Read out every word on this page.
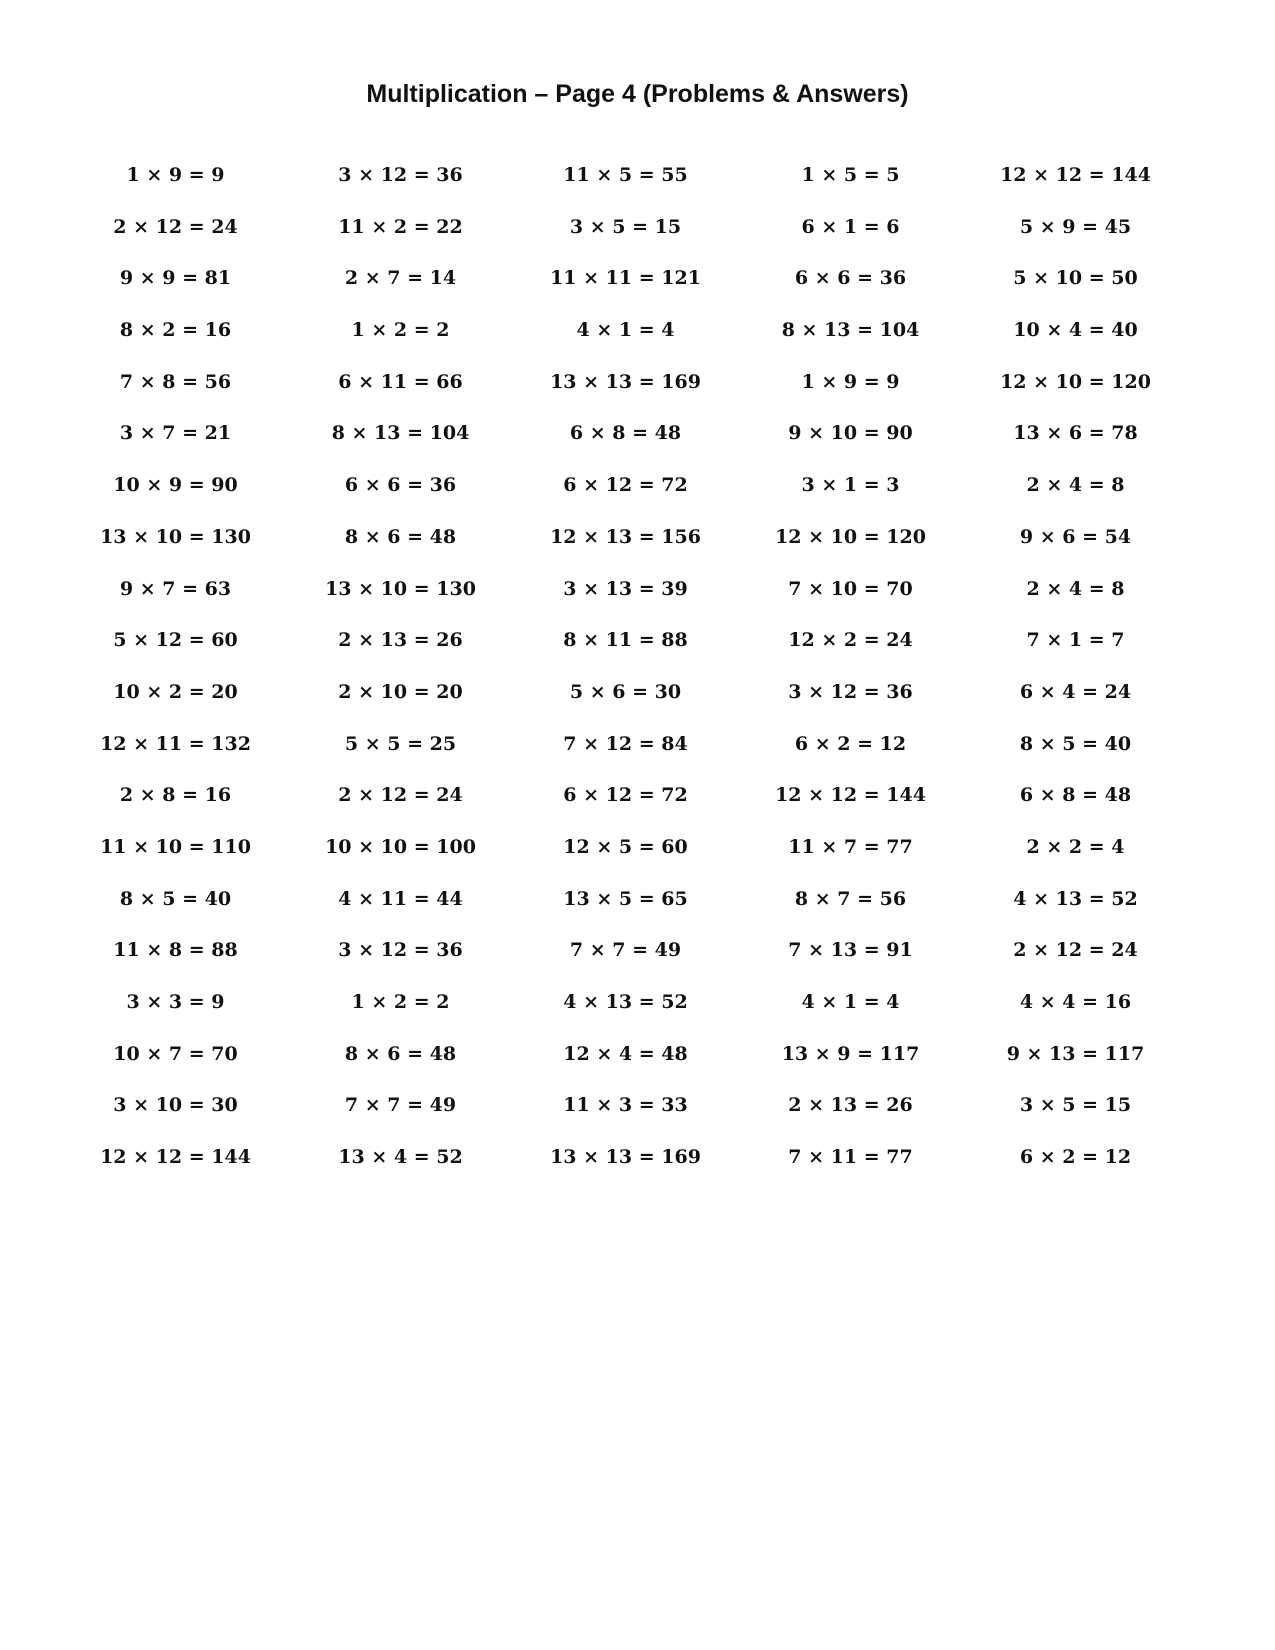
Multiplication – Page 4 (Problems & Answers)
1 × 9 = 9	3 × 12 = 36	11 × 5 = 55	1 × 5 = 5	12 × 12 = 144
2 × 12 = 24	11 × 2 = 22	3 × 5 = 15	6 × 1 = 6	5 × 9 = 45
9 × 9 = 81	2 × 7 = 14	11 × 11 = 121	6 × 6 = 36	5 × 10 = 50
8 × 2 = 16	1 × 2 = 2	4 × 1 = 4	8 × 13 = 104	10 × 4 = 40
7 × 8 = 56	6 × 11 = 66	13 × 13 = 169	1 × 9 = 9	12 × 10 = 120
3 × 7 = 21	8 × 13 = 104	6 × 8 = 48	9 × 10 = 90	13 × 6 = 78
10 × 9 = 90	6 × 6 = 36	6 × 12 = 72	3 × 1 = 3	2 × 4 = 8
13 × 10 = 130	8 × 6 = 48	12 × 13 = 156	12 × 10 = 120	9 × 6 = 54
9 × 7 = 63	13 × 10 = 130	3 × 13 = 39	7 × 10 = 70	2 × 4 = 8
5 × 12 = 60	2 × 13 = 26	8 × 11 = 88	12 × 2 = 24	7 × 1 = 7
10 × 2 = 20	2 × 10 = 20	5 × 6 = 30	3 × 12 = 36	6 × 4 = 24
12 × 11 = 132	5 × 5 = 25	7 × 12 = 84	6 × 2 = 12	8 × 5 = 40
2 × 8 = 16	2 × 12 = 24	6 × 12 = 72	12 × 12 = 144	6 × 8 = 48
11 × 10 = 110	10 × 10 = 100	12 × 5 = 60	11 × 7 = 77	2 × 2 = 4
8 × 5 = 40	4 × 11 = 44	13 × 5 = 65	8 × 7 = 56	4 × 13 = 52
11 × 8 = 88	3 × 12 = 36	7 × 7 = 49	7 × 13 = 91	2 × 12 = 24
3 × 3 = 9	1 × 2 = 2	4 × 13 = 52	4 × 1 = 4	4 × 4 = 16
10 × 7 = 70	8 × 6 = 48	12 × 4 = 48	13 × 9 = 117	9 × 13 = 117
3 × 10 = 30	7 × 7 = 49	11 × 3 = 33	2 × 13 = 26	3 × 5 = 15
12 × 12 = 144	13 × 4 = 52	13 × 13 = 169	7 × 11 = 77	6 × 2 = 12
